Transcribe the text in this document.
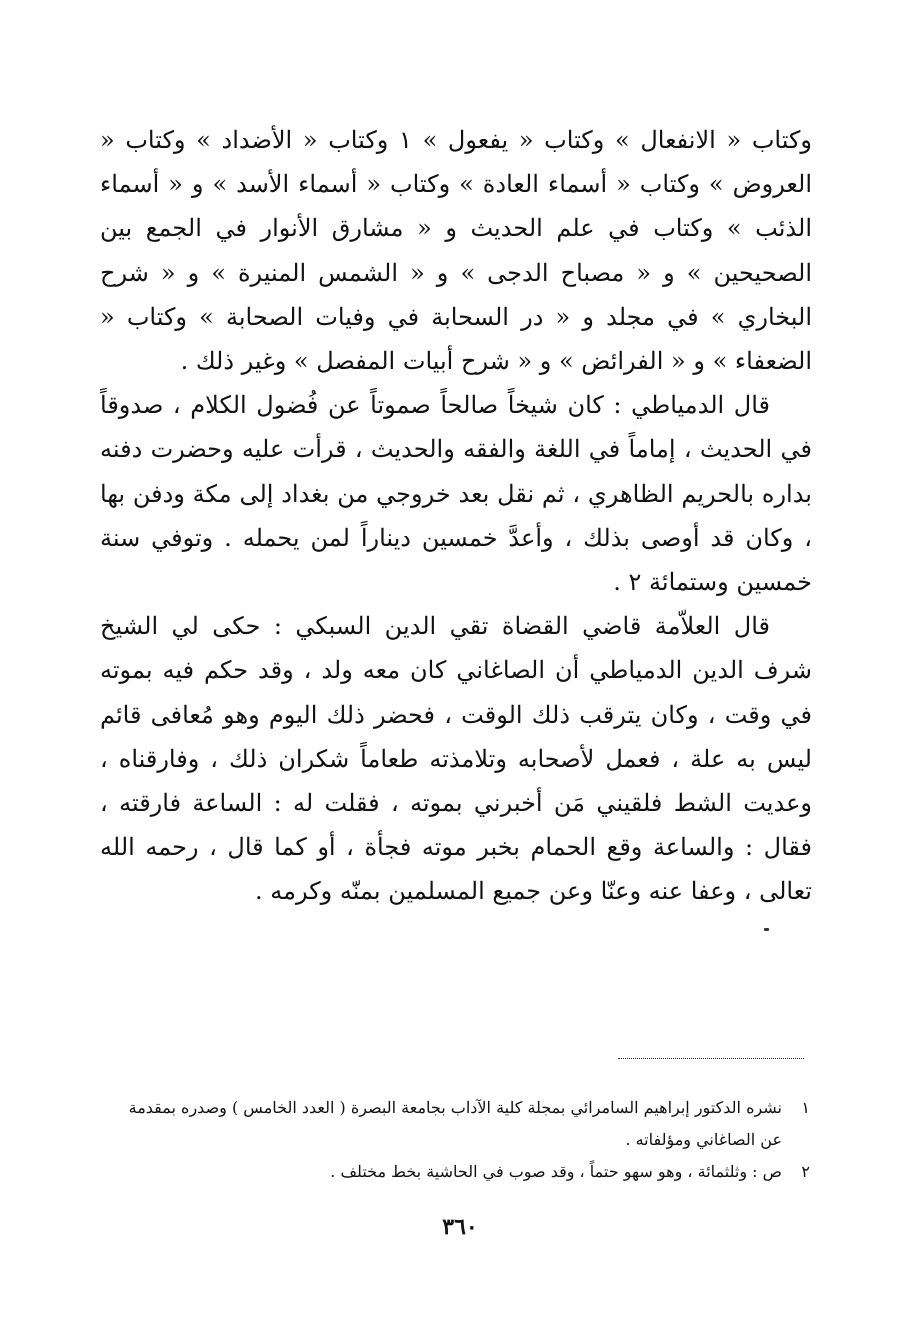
وكتاب « الانفعال » وكتاب « يفعول » ١ وكتاب « الأضداد » وكتاب « العروض » وكتاب « أسماء العادة » وكتاب « أسماء الأسد » و « أسماء الذئب » وكتاب في علم الحديث و « مشارق الأنوار في الجمع بين الصحيحين » و « مصباح الدجى » و « الشمس المنيرة » و « شرح البخاري » في مجلد و « در السحابة في وفيات الصحابة » وكتاب « الضعفاء » و « الفرائض » و « شرح أبيات المفصل » وغير ذلك .

قال الدمياطي : كان شيخاً صالحاً صموتاً عن فُضول الكلام ، صدوقاً في الحديث ، إماماً في اللغة والفقه والحديث ، قرأت عليه وحضرت دفنه بداره بالحريم الظاهري ، ثم نقل بعد خروجي من بغداد إلى مكة ودفن بها ، وكان قد أوصى بذلك ، وأعدَّ خمسين ديناراً لمن يحمله . وتوفي سنة خمسين وستمائة ٢ .

قال العلاّمة قاضي القضاة تقي الدين السبكي : حكى لي الشيخ شرف الدين الدمياطي أن الصاغاني كان معه ولد ، وقد حكم فيه بموته في وقت ، وكان يترقب ذلك الوقت ، فحضر ذلك اليوم وهو مُعافى قائم ليس به علة ، فعمل لأصحابه وتلامذته طعاماً شكران ذلك ، وفارقناه ، وعديت الشط فلقيني مَن أخبرني بموته ، فقلت له : الساعة فارقته ، فقال : والساعة وقع الحمام بخبر موته فجأة ، أو كما قال ، رحمه الله تعالى ، وعفا عنه وعنّا وعن جميع المسلمين بمنّه وكرمه .

١
نشره الدكتور إبراهيم السامرائي بمجلة كلية الآداب بجامعة البصرة ( العدد الخامس ) وصدره بمقدمة عن الصاغاني ومؤلفاته .
٢
ص : وثلثمائة ، وهو سهو حتماً ، وقد صوب في الحاشية بخط مختلف .
٣٦٠
